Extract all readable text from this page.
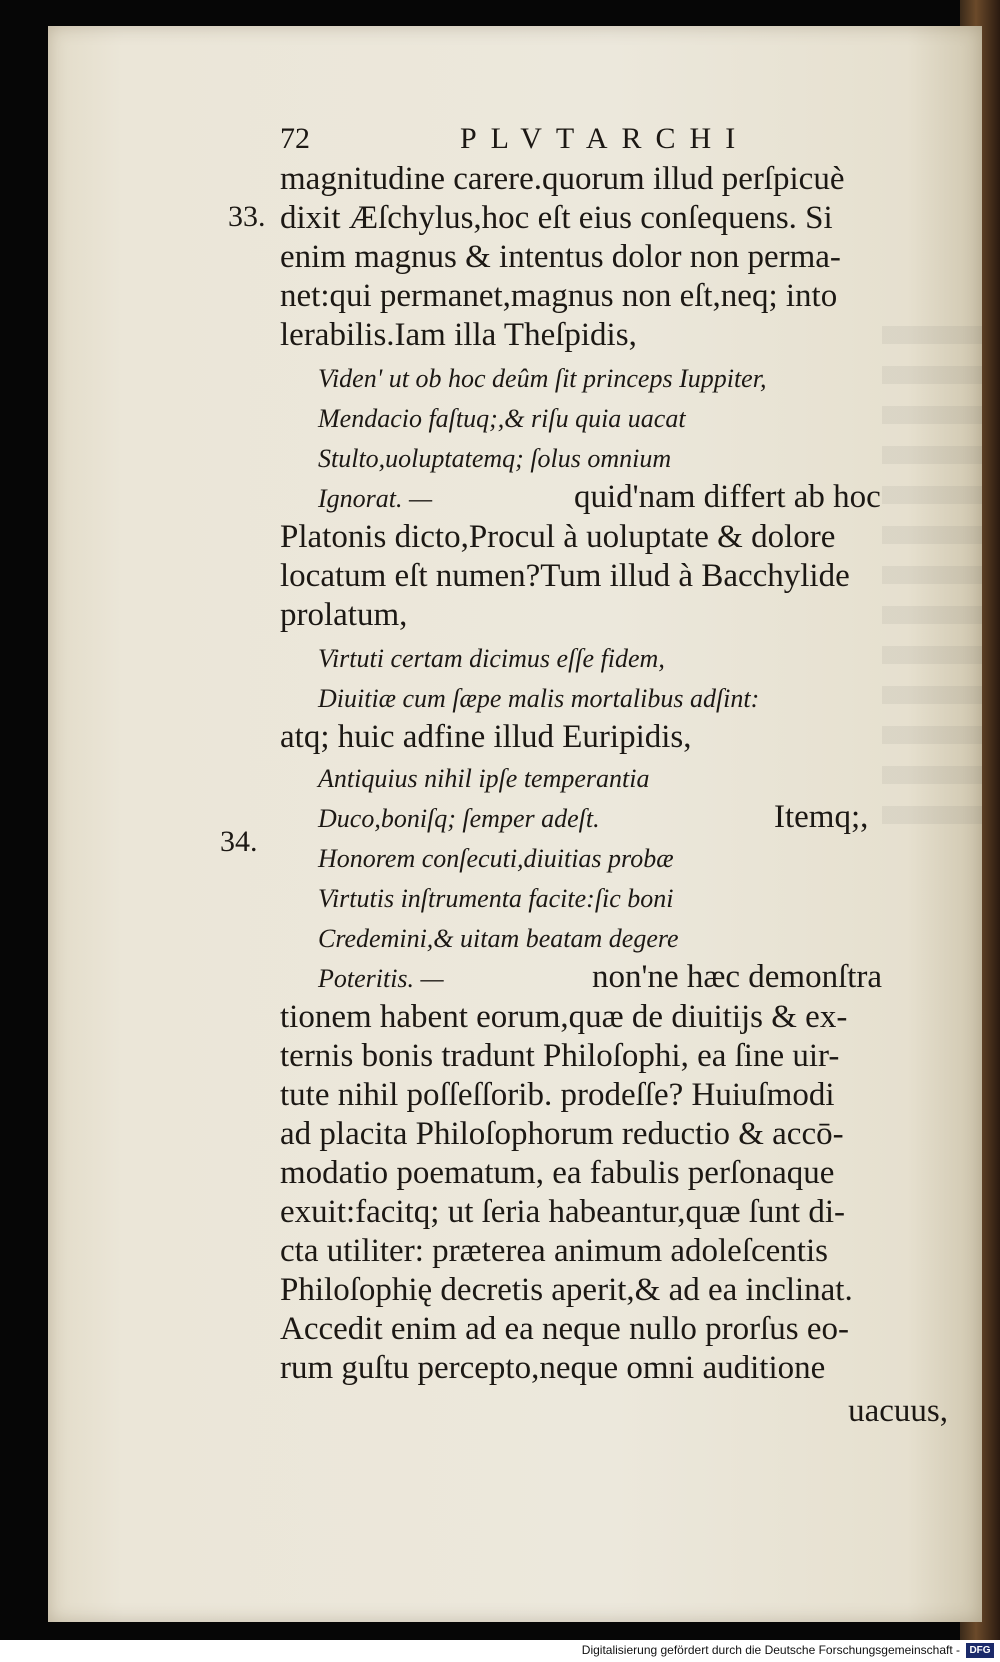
72	PLVTARCHI
33.
34.
magnitudine carere.quorum illud perſpicuè
dixit Æſchylus,hoc eſt eius conſequens. Si
enim magnus & intentus dolor non perma-
net:qui permanet,magnus non eſt,neq; into
lerabilis.Iam illa Theſpidis,
Viden' ut ob hoc deûm ſit princeps Iuppiter,
Mendacio faſtuq;,& riſu quia uacat
Stulto,uoluptatemq; ſolus omnium
Ignorat. —	quid'nam differt ab hoc
Platonis dicto,Procul à uoluptate & dolore
locatum eſt numen?Tum illud à Bacchylide
prolatum,
Virtuti certam dicimus eſſe fidem,
Diuitiæ cum ſæpe malis mortalibus adſint:
atq; huic adfine illud Euripidis,
Antiquius nihil ipſe temperantia
Duco,boniſq; ſemper adeſt.	Itemq;,
Honorem conſecuti,diuitias probæ
Virtutis inſtrumenta facite:ſic boni
Credemini,& uitam beatam degere
Poteritis. —	non'ne hæc demonſtra
tionem habent eorum,quæ de diuitijs & ex-
ternis bonis tradunt Philoſophi, ea ſine uir-
tute nihil poſſeſſorib. prodeſſe? Huiuſmodi
ad placita Philoſophorum reductio & accō-
modatio poematum, ea fabulis perſonaque
exuit:facitq; ut ſeria habeantur,quæ ſunt di-
cta utiliter: præterea animum adoleſcentis
Philoſophię decretis aperit,& ad ea inclinat.
Accedit enim ad ea neque nullo prorſus eo-
rum guſtu percepto,neque omni auditione
uacuus,
Digitalisierung gefördert durch die Deutsche Forschungsgemeinschaft - DFG
